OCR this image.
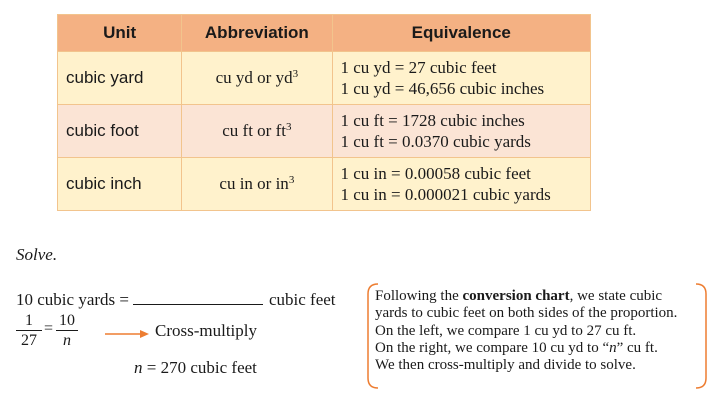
Unit	Abbreviation	Equivalence
cubic yard	cu yd or $yd^3$	1 cu yd = 27 cubic feet
1 cu yd = 46,656 cubic inches

cubic foot	cu ft or $ft^3$	1 cu ft = 1728 cubic inches
1 cu ft = 0.0370 cubic yards

cubic inch	cu in or $in^3$	1 cu in = 0.00058 cubic feet
1 cu in = 0.000021 cubic yards
Solve.
10 cubic yards =	cubic feet
$\frac{1}{27} = \frac{10}{n}$	Cross-multiply
n = 270 cubic feet
Following the conversion chart, we state cubic
yards to cubic feet on both sides of the proportion.
On the left, we compare 1 cu yd to 27 cu ft.
On the right, we compare 10 cu yd to “n” cu ft.
We then cross-multiply and divide to solve.
